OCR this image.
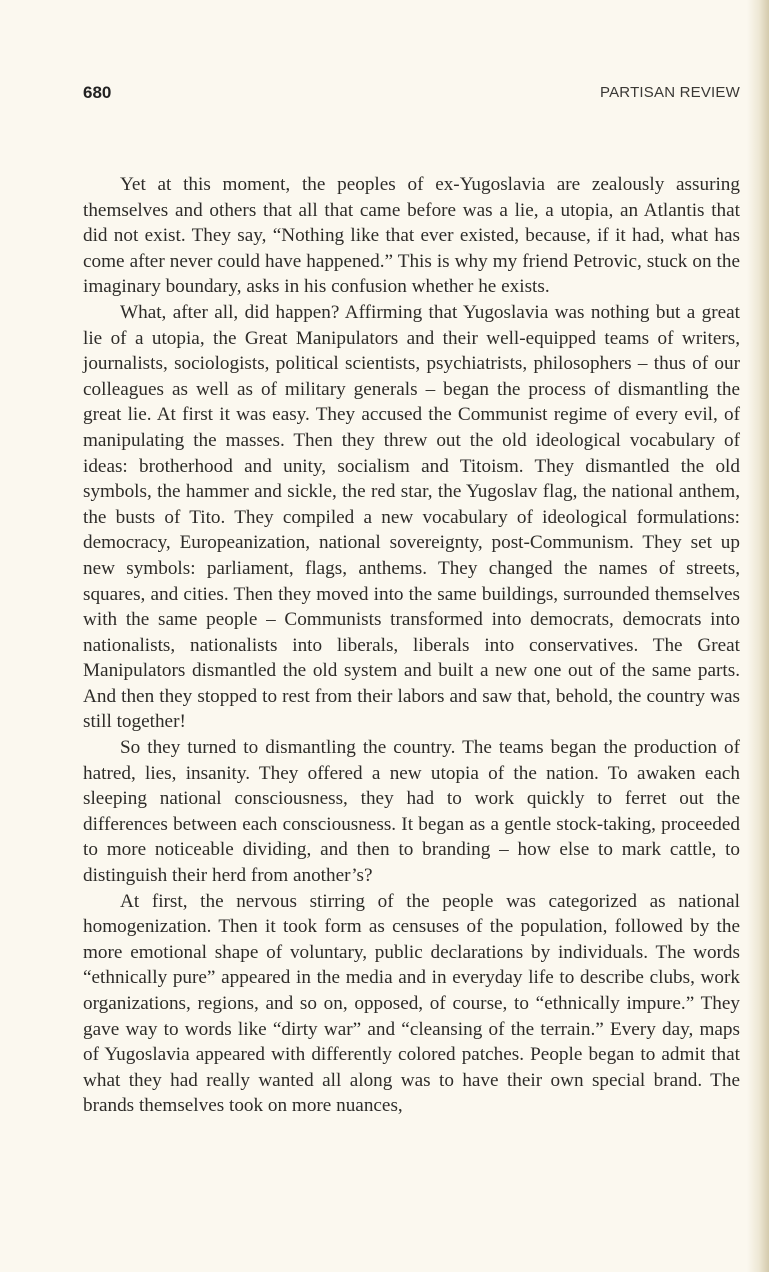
680	PARTISAN REVIEW

Yet at this moment, the peoples of ex-Yugoslavia are zealously assuring themselves and others that all that came before was a lie, a utopia, an Atlantis that did not exist. They say, “Nothing like that ever existed, because, if it had, what has come after never could have happened.” This is why my friend Petrovic, stuck on the imaginary boundary, asks in his confusion whether he exists.

What, after all, did happen? Affirming that Yugoslavia was nothing but a great lie of a utopia, the Great Manipulators and their well-equipped teams of writers, journalists, sociologists, political scientists, psychiatrists, philosophers – thus of our colleagues as well as of military generals – began the process of dismantling the great lie. At first it was easy. They accused the Communist regime of every evil, of manipulating the masses. Then they threw out the old ideological vocabulary of ideas: brotherhood and unity, socialism and Titoism. They dismantled the old symbols, the hammer and sickle, the red star, the Yugoslav flag, the national anthem, the busts of Tito. They compiled a new vocabulary of ideological formulations: democracy, Europeanization, national sovereignty, post-Communism. They set up new symbols: parliament, flags, anthems. They changed the names of streets, squares, and cities. Then they moved into the same buildings, surrounded themselves with the same people – Communists transformed into democrats, democrats into nationalists, nationalists into liberals, liberals into conservatives. The Great Manipulators dismantled the old system and built a new one out of the same parts. And then they stopped to rest from their labors and saw that, behold, the country was still together!

So they turned to dismantling the country. The teams began the production of hatred, lies, insanity. They offered a new utopia of the nation. To awaken each sleeping national consciousness, they had to work quickly to ferret out the differences between each consciousness. It began as a gentle stock-taking, proceeded to more noticeable dividing, and then to branding – how else to mark cattle, to distinguish their herd from another’s?

At first, the nervous stirring of the people was categorized as national homogenization. Then it took form as censuses of the population, followed by the more emotional shape of voluntary, public declarations by individuals. The words “ethnically pure” appeared in the media and in everyday life to describe clubs, work organizations, regions, and so on, opposed, of course, to “ethnically impure.” They gave way to words like “dirty war” and “cleansing of the terrain.” Every day, maps of Yugoslavia appeared with differently colored patches. People began to admit that what they had really wanted all along was to have their own special brand. The brands themselves took on more nuances,
